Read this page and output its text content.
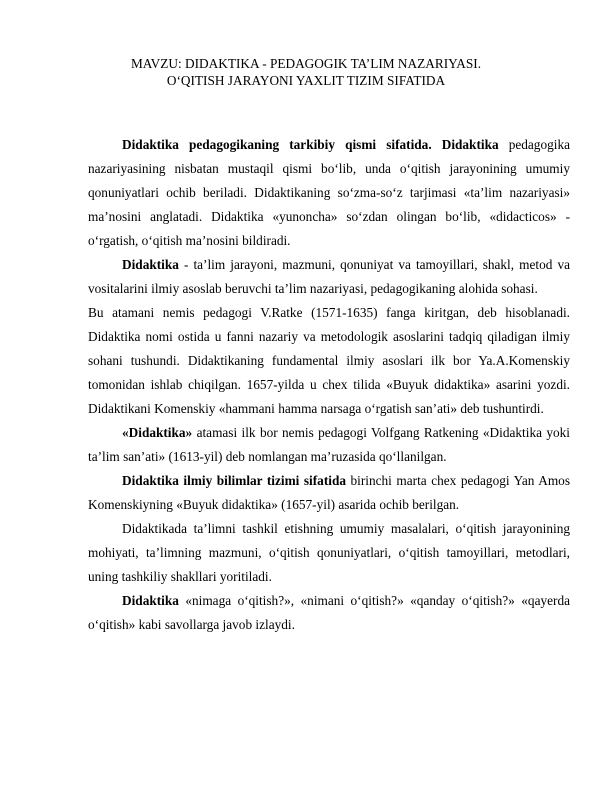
MAVZU: DIDAKTIKA - PEDAGOGIK TA’LIM NAZARIYASI.
O‘QITISH JARAYONI YAXLIT TIZIM SIFATIDA

Didaktika pedagogikaning tarkibiy qismi sifatida. Didaktika pedagogika nazariyasining nisbatan mustaqil qismi bo‘lib, unda o‘qitish jarayonining umumiy qonuniyatlari ochib beriladi. Didaktikaning so‘zma-so‘z tarjimasi «ta’lim nazariyasi» ma’nosini anglatadi. Didaktika «yunoncha» so‘zdan olingan bo‘lib, «didacticos» - o‘rgatish, o‘qitish ma’nosini bildiradi.

Didaktika - ta’lim jarayoni, mazmuni, qonuniyat va tamoyillari, shakl, metod va vositalarini ilmiy asoslab beruvchi ta’lim nazariyasi, pedagogikaning alohida sohasi.

Bu atamani nemis pedagogi V.Ratke (1571-1635) fanga kiritgan, deb hisoblanadi. Didaktika nomi ostida u fanni nazariy va metodologik asoslarini tadqiq qiladigan ilmiy sohani tushundi. Didaktikaning fundamental ilmiy asoslari ilk bor Ya.A.Komenskiy tomonidan ishlab chiqilgan. 1657-yilda u chex tilida «Buyuk didaktika» asarini yozdi. Didaktikani Komenskiy «hammani hamma narsaga o‘rgatish san’ati» deb tushuntirdi.

«Didaktika» atamasi ilk bor nemis pedagogi Volfgang Ratkening «Didaktika yoki ta’lim san’ati» (1613-yil) deb nomlangan ma’ruzasida qo‘llanilgan.

Didaktika ilmiy bilimlar tizimi sifatida birinchi marta chex pedagogi Yan Amos Komenskiyning «Buyuk didaktika» (1657-yil) asarida ochib berilgan.

Didaktikada ta’limni tashkil etishning umumiy masalalari, o‘qitish jarayonining mohiyati, ta’limning mazmuni, o‘qitish qonuniyatlari, o‘qitish tamoyillari, metodlari, uning tashkiliy shakllari yoritiladi.

Didaktika «nimaga o‘qitish?», «nimani o‘qitish?» «qanday o‘qitish?» «qayerda o‘qitish» kabi savollarga javob izlaydi.
